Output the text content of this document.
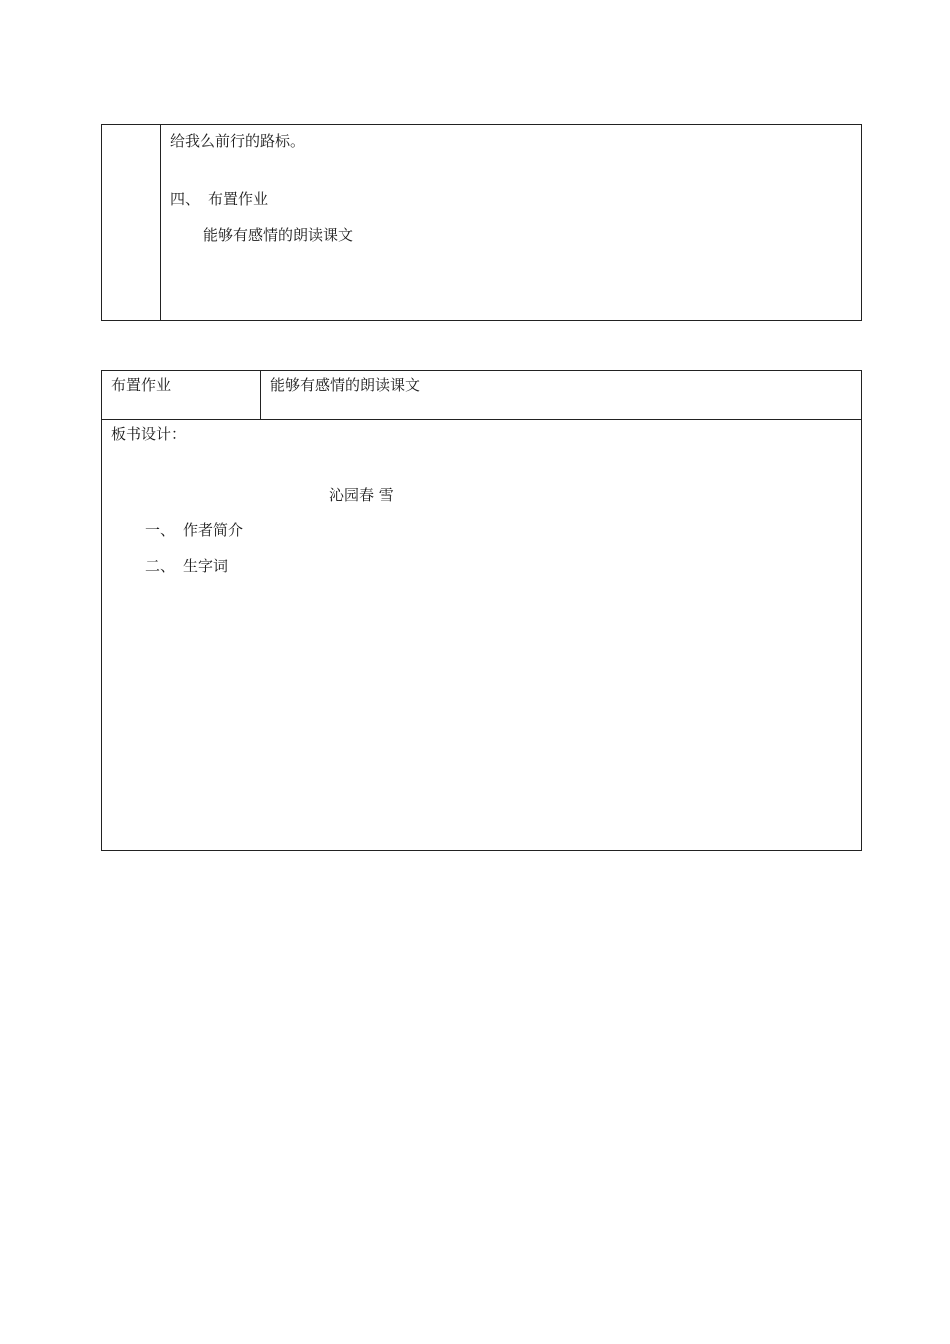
给我么前行的路标。
四、 布置作业
能够有感情的朗读课文
布置作业	能够有感情的朗读课文
板书设计：
沁园春 雪
一、 作者简介
二、 生字词
